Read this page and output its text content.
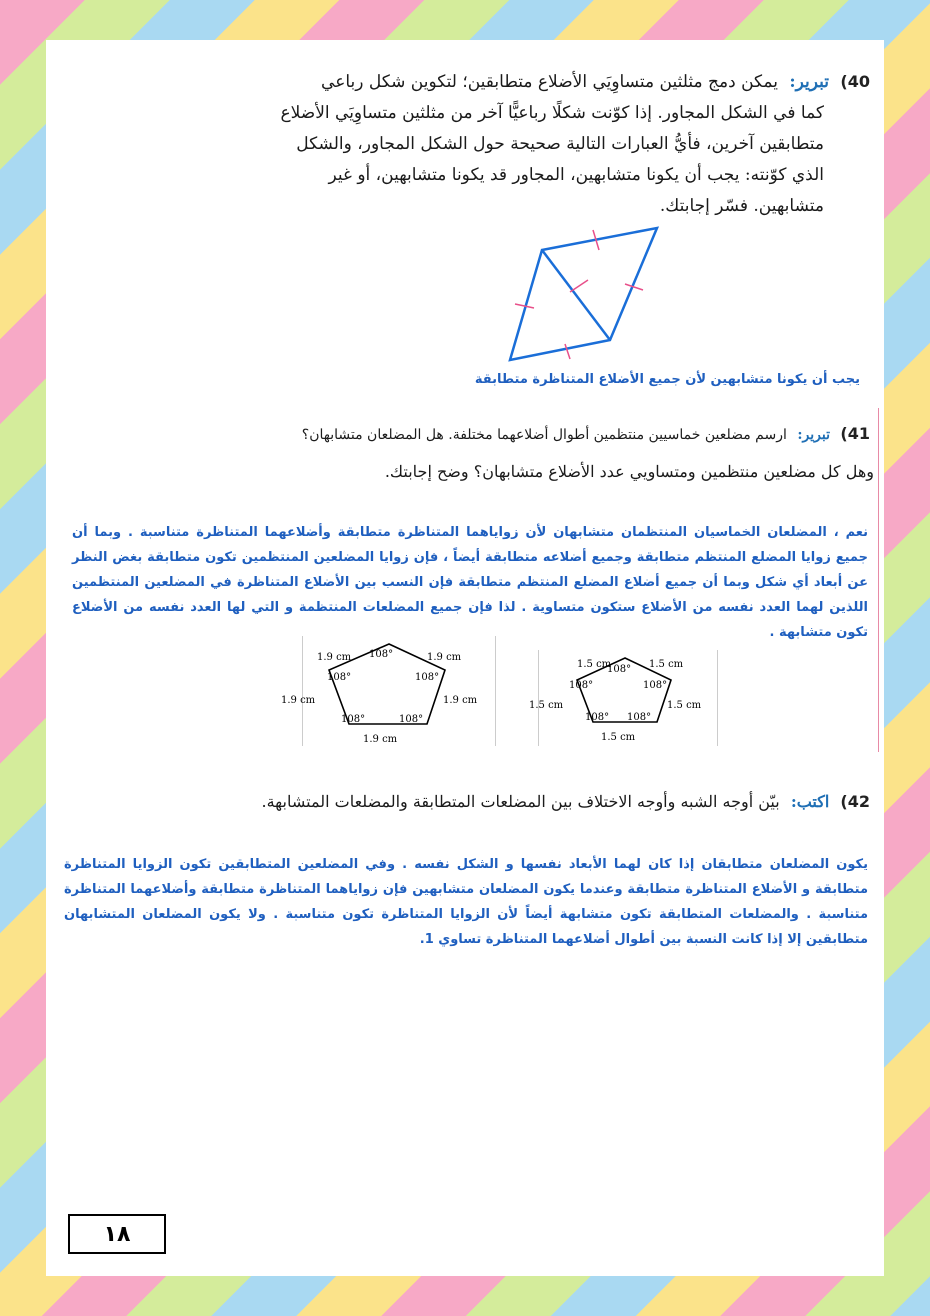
40) تبرير: يمكن دمج مثلثين متساوِيَي الأضلاع متطابقين؛ لتكوين شكل رباعي
كما في الشكل المجاور. إذا كوّنت شكلًا رباعيًّا آخر من مثلثين متساوِيَي الأضلاع
متطابقين آخرين، فأيُّ العبارات التالية صحيحة حول الشكل المجاور، والشكل
الذي كوّنته: يجب أن يكونا متشابهين، المجاور قد يكونا متشابهين، أو غير
متشابهين. فسّر إجابتك.
يجب أن يكونا متشابهين لأن جميع الأضلاع المتناظرة متطابقة
41) تبرير: ارسم مضلعين خماسيين منتظمين أطوال أضلاعهما مختلفة. هل المضلعان متشابهان؟
وهل كل مضلعين منتظمين ومتساويي عدد الأضلاع متشابهان؟ وضح إجابتك.
نعم ، المضلعان الخماسيان المنتظمان متشابهان لأن زواياهما المتناظرة متطابقة وأضلاعهما المتناظرة متناسبة . وبما أن جميع زوايا المضلع المنتظم متطابقة وجميع أضلاعه متطابقة أيضاً ، فإن زوايا المضلعين المنتظمين تكون متطابقة بغض النظر عن أبعاد أي شكل وبما أن جميع أضلاع المضلع المنتظم متطابقة فإن النسب بين الأضلاع المتناظرة في المضلعين المنتظمين اللذين لهما العدد نفسه من الأضلاع ستكون متساوية . لذا فإن جميع المضلعات المنتظمة و التي لها العدد نفسه من الأضلاع تكون متشابهة .
108°
108°	108°
108°	108°
1.9 cm	1.9 cm
1.9 cm	1.9 cm
1.9 cm
108°
108°	108°
108° 108°
1.5 cm	1.5 cm
1.5 cm	1.5 cm
1.5 cm
42) اكتب: بيّن أوجه الشبه وأوجه الاختلاف بين المضلعات المتطابقة والمضلعات المتشابهة.
يكون المضلعان متطابقان إذا كان لهما الأبعاد نفسها و الشكل نفسه . وفي المضلعين المتطابقين تكون الزوايا المتناظرة متطابقة و الأضلاع المتناظرة متطابقة وعندما يكون المضلعان متشابهين فإن زواياهما المتناظرة متطابقة وأضلاعهما المتناظرة متناسبة . والمضلعات المتطابقة تكون متشابهة أيضاً لأن الزوايا المتناظرة تكون متناسبة . ولا يكون المضلعان المتشابهان متطابقين إلا إذا كانت النسبة بين أطوال أضلاعهما المتناظرة تساوي 1.
١٨
